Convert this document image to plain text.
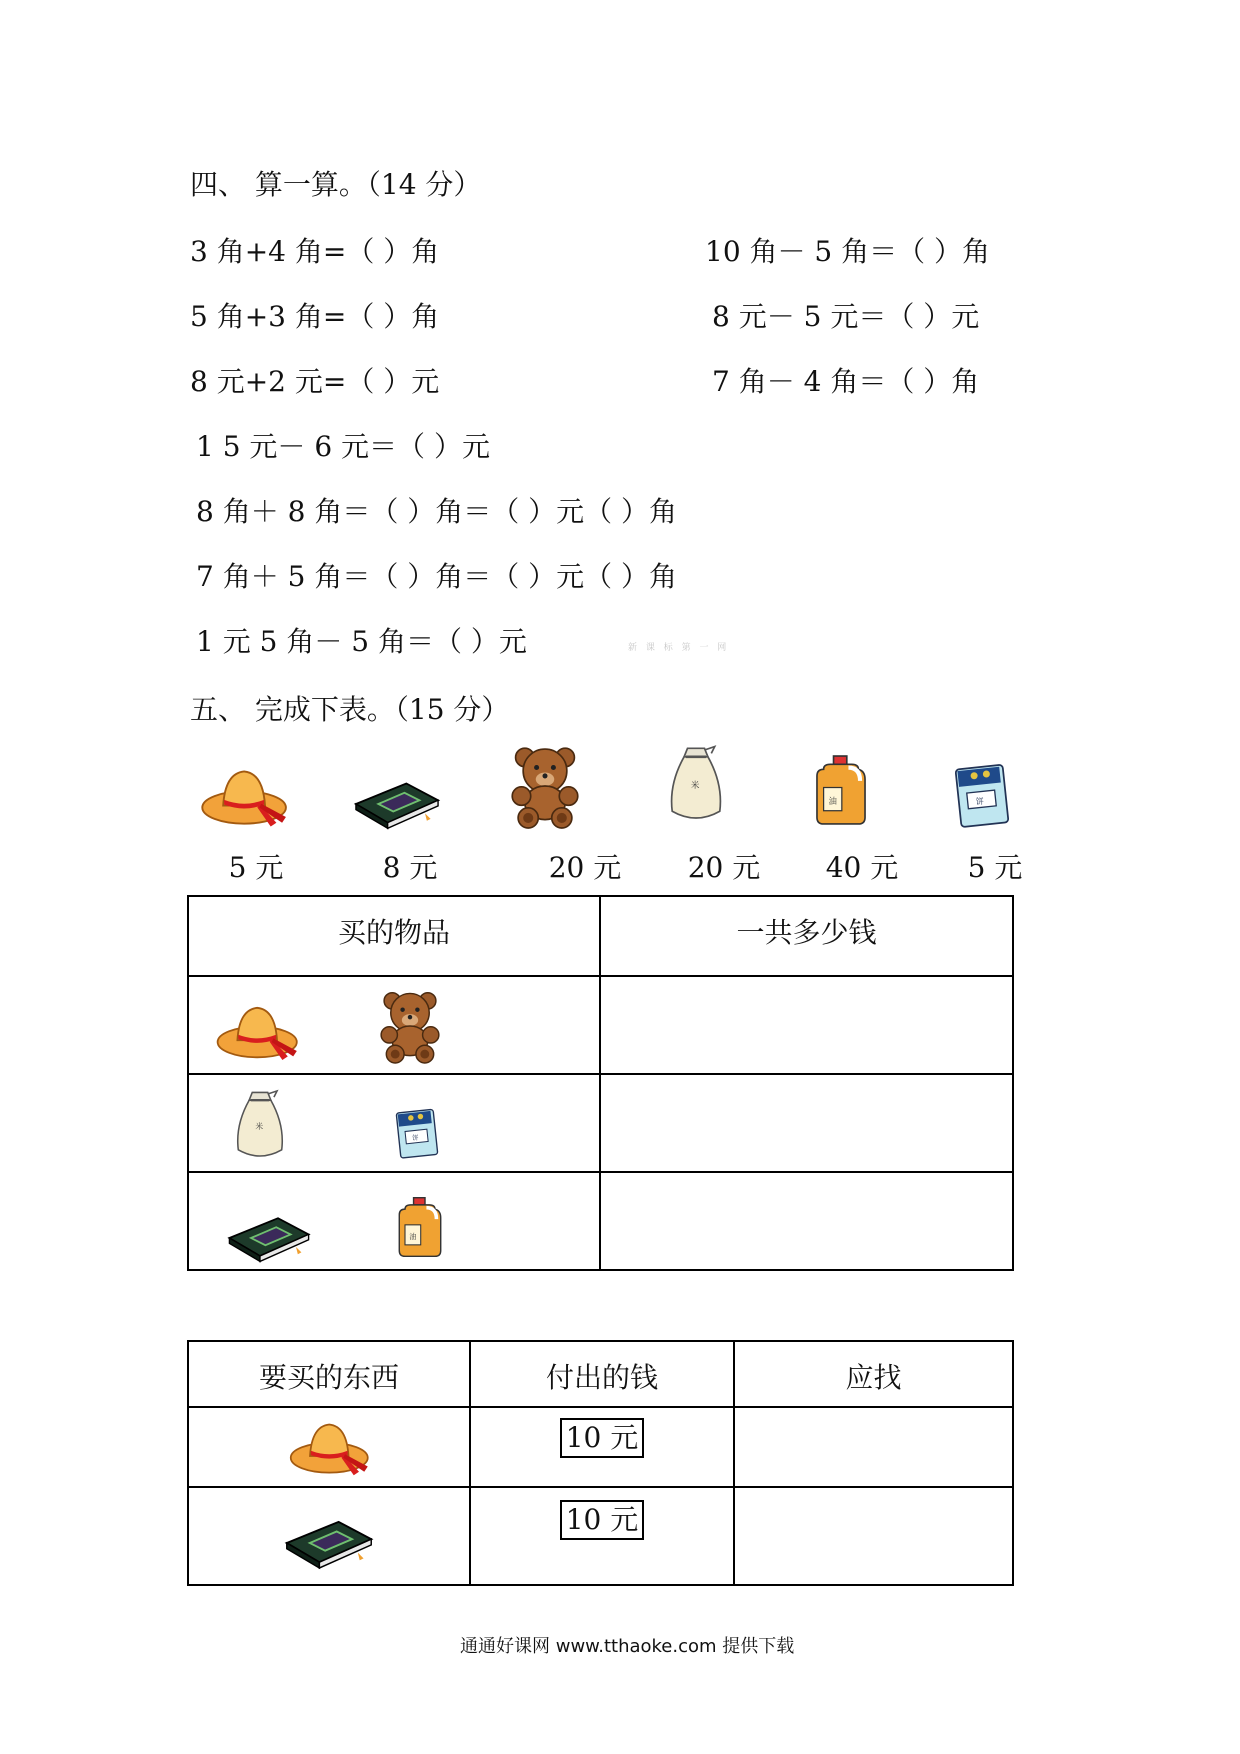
四、 算一算。（14 分）
3 角+4 角=（ ）角
5 角+3 角=（ ）角
8 元+2 元=（ ）元
10 角－ 5 角＝（ ）角
8 元－ 5 元＝（ ）元
7 角－ 4 角＝（ ）角
1 5 元－ 6 元＝（ ）元
8 角＋ 8 角＝（ ）角＝（ ）元（ ）角
7 角＋ 5 角＝（ ）角＝（ ）元（ ）角
1 元 5 角－ 5 角＝（ ）元	新 课 标 第 一 网
五、 完成下表。（15 分）
5 元	8 元	20 元	20 元	40 元	5 元
买的物品	一共多少钱

要买的东西	付出的钱	应找

	10 元	

	10 元	
通通好课网 www.tthaoke.com 提供下载
